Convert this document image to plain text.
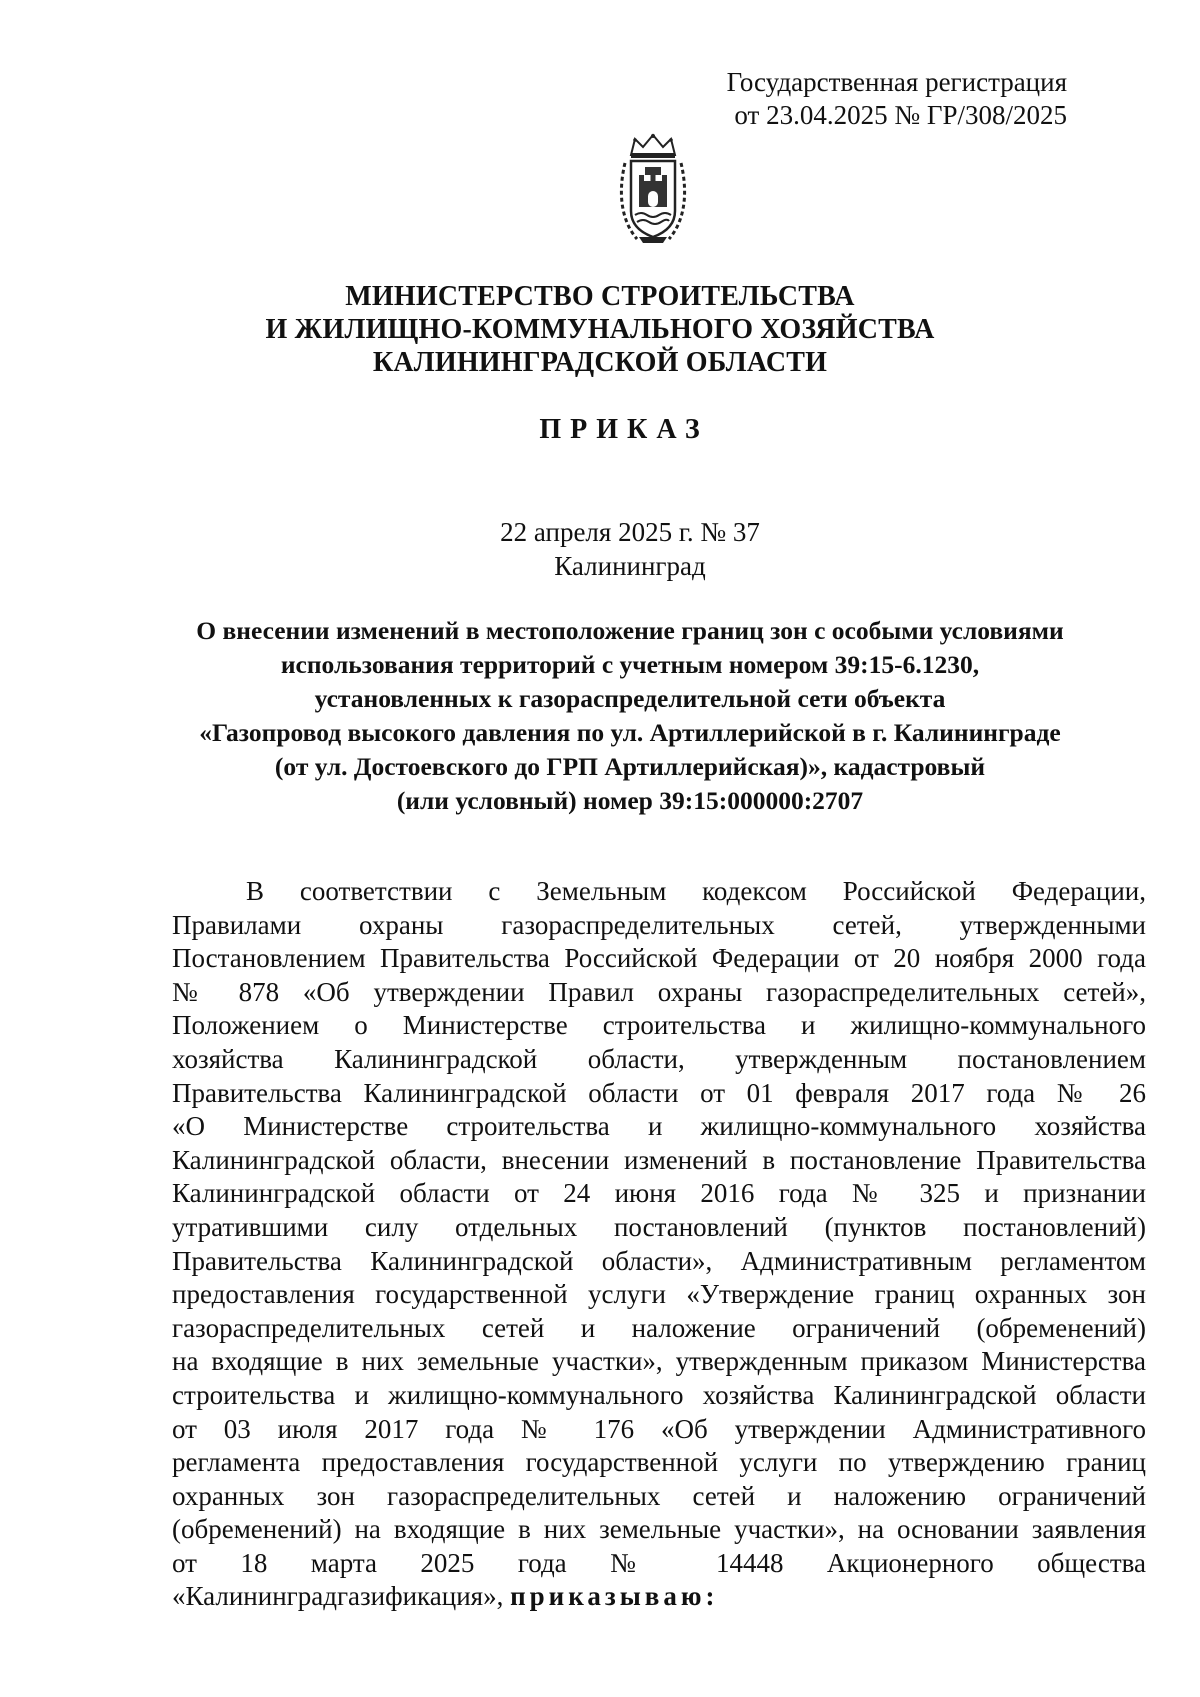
Государственная регистрация
от 23.04.2025 № ГР/308/2025
МИНИСТЕРСТВО СТРОИТЕЛЬСТВА
И ЖИЛИЩНО-КОММУНАЛЬНОГО ХОЗЯЙСТВА
КАЛИНИНГРАДСКОЙ ОБЛАСТИ
ПРИКАЗ
22 апреля 2025 г. № 37
Калининград
О внесении изменений в местоположение границ зон с особыми условиями
использования территорий с учетным номером 39:15-6.1230,
установленных к газораспределительной сети объекта
«Газопровод высокого давления по ул. Артиллерийской в г. Калининграде
(от ул. Достоевского до ГРП Артиллерийская)», кадастровый
(или условный) номер 39:15:000000:2707
В соответствии с Земельным кодексом Российской Федерации,
Правилами охраны газораспределительных сетей, утвержденными
Постановлением Правительства Российской Федерации от 20 ноября 2000 года
№ 878 «Об утверждении Правил охраны газораспределительных сетей»,
Положением о Министерстве строительства и жилищно-коммунального
хозяйства Калининградской области, утвержденным постановлением
Правительства Калининградской области от 01 февраля 2017 года № 26
«О Министерстве строительства и жилищно-коммунального хозяйства
Калининградской области, внесении изменений в постановление Правительства
Калининградской области от 24 июня 2016 года № 325 и признании
утратившими силу отдельных постановлений (пунктов постановлений)
Правительства Калининградской области», Административным регламентом
предоставления государственной услуги «Утверждение границ охранных зон
газораспределительных сетей и наложение ограничений (обременений)
на входящие в них земельные участки», утвержденным приказом Министерства
строительства и жилищно-коммунального хозяйства Калининградской области
от 03 июля 2017 года № 176 «Об утверждении Административного
регламента предоставления государственной услуги по утверждению границ
охранных зон газораспределительных сетей и наложению ограничений
(обременений) на входящие в них земельные участки», на основании заявления
от 18 марта 2025 года № 14448 Акционерного общества
«Калининградгазификация», приказываю:
